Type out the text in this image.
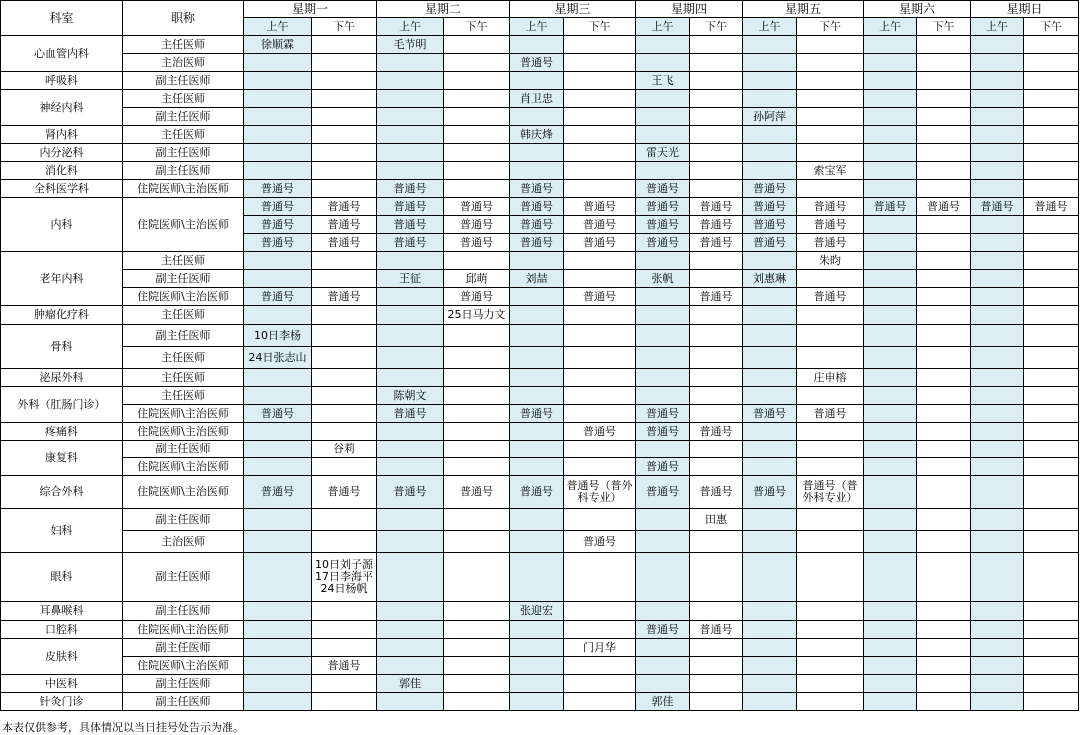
科室	职称	星期一		星期二		星期三		星期四		星期五		星期六		星期日	
		上午	下午	上午	下午	上午	下午	上午	下午	上午	下午	上午	下午	上午	下午
心血管内科	主任医师	徐顺霖		毛节明											
	主治医师					普通号									
呼吸科	副主任医师							王飞							
神经内科	主任医师					肖卫忠									
	副主任医师									孙阿萍					
肾内科	主任医师					韩庆烽									
内分泌科	副主任医师							雷天光							
消化科	副主任医师										索宝军				
全科医学科	住院医师\主治医师	普通号		普通号		普通号		普通号		普通号					
内科	住院医师\主治医师	普通号	普通号	普通号	普通号	普通号	普通号	普通号	普通号	普通号	普通号	普通号	普通号	普通号	普通号
		普通号	普通号	普通号	普通号	普通号	普通号	普通号	普通号	普通号	普通号				
		普通号	普通号	普通号	普通号	普通号	普通号	普通号	普通号	普通号	普通号				
老年内科	主任医师										朱昀				
	副主任医师			王征	邱萌	刘喆		张帆		刘惠琳					
	住院医师\主治医师	普通号	普通号		普通号		普通号		普通号		普通号				
肿瘤化疗科	主任医师				25日马力文										
骨科	副主任医师	10日李杨													
	主任医师	24日张志山													
泌尿外科	主任医师										庄申榕				
外科（肛肠门诊）	主任医师			陈朝文											
	住院医师\主治医师	普通号		普通号		普通号		普通号		普通号	普通号				
疼痛科	住院医师\主治医师						普通号	普通号	普通号						
康复科	副主任医师		谷莉												
	住院医师\主治医师							普通号							
综合外科	住院医师\主治医师	普通号	普通号	普通号	普通号	普通号	普通号（普外科专业）	普通号	普通号	普通号	普通号（普外科专业）				
妇科	副主任医师								田惠						
	主治医师						普通号								
眼科	副主任医师		10日刘子源 17日李海平 24日杨帆												
耳鼻喉科	副主任医师					张迎宏									
口腔科	住院医师\主治医师							普通号	普通号						
皮肤科	副主任医师						门月华								
	住院医师\主治医师		普通号												
中医科	副主任医师			郭佳											
针灸门诊	副主任医师							郭佳							
本表仅供参考，具体情况以当日挂号处告示为准。
